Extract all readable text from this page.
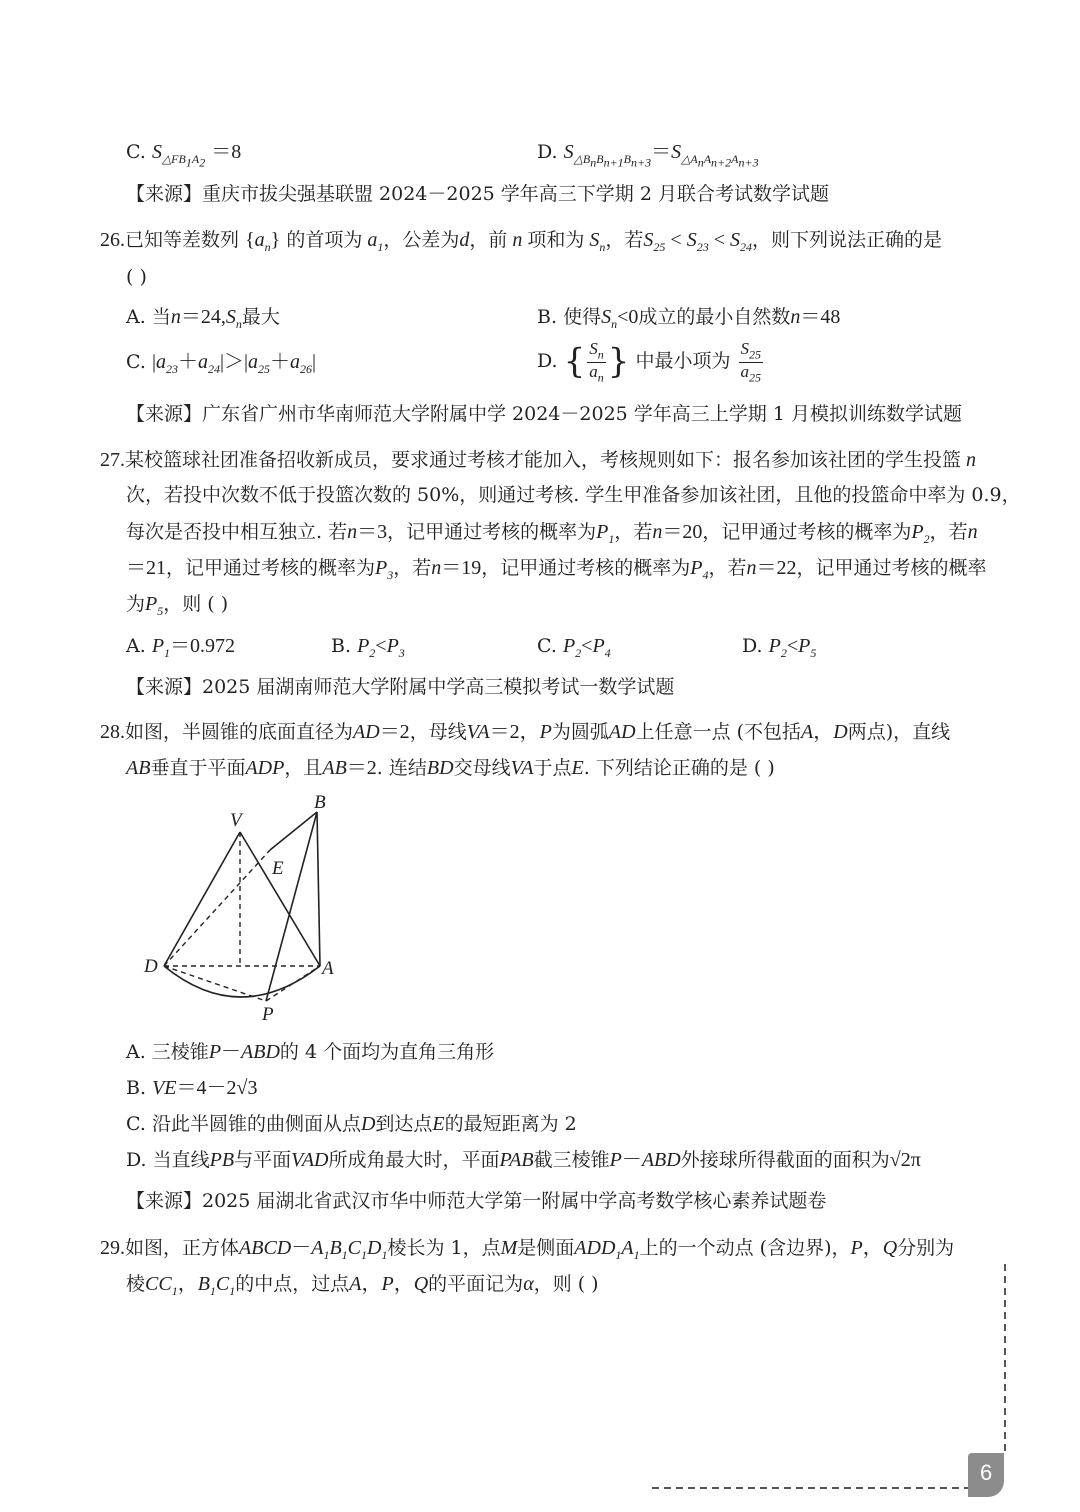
C. $S_{\triangle FB_1A_2} =8$	D. $S_{\triangle B_nB_{n+1}B_{n+3}}=S_{\triangle A_nA_{n+2}A_{n+3}}$
【来源】重庆市拔尖强基联盟 2024－2025 学年高三下学期 2 月联合考试数学试题
26.已知等差数列 $\{a_n\}$ 的首项为 $a_1$，公差为d，前 n 项和为 $S_n$，若$S_{25} < S_{23} < S_{24}$，则下列说法正确的是
( )
A. 当$n=24,S_n$最大	B. 使得$S_n<0$成立的最小自然数n＝48
C. $|a_{23}+a_{24}|>|a_{25}+a_{26}|$	D. { $\frac{S_n}{a_n}$ } 中最小项为 $\frac{S_{25}}{a_{25}}$
【来源】广东省广州市华南师范大学附属中学 2024－2025 学年高三上学期 1 月模拟训练数学试题
27.某校篮球社团准备招收新成员，要求通过考核才能加入，考核规则如下：报名参加该社团的学生投篮 n
次，若投中次数不低于投篮次数的 50%，则通过考核. 学生甲准备参加该社团，且他的投篮命中率为 0.9，
每次是否投中相互独立. 若n＝3，记甲通过考核的概率为$P_1$，若n＝20，记甲通过考核的概率为$P_2$，若n
＝21，记甲通过考核的概率为$P_3$，若n＝19，记甲通过考核的概率为$P_4$，若n＝22，记甲通过考核的概率
为$P_5$，则 ( )
A. $P_1=0.972$	B. $P_2<P_3$	C. $P_2<P_4$	D. $P_2<P_5$
【来源】2025 届湖南师范大学附属中学高三模拟考试一数学试题
28.如图，半圆锥的底面直径为AD＝2，母线VA＝2，P为圆弧AD上任意一点 (不包括A，D两点)，直线
AB垂直于平面ADP，且AB＝2. 连结BD交母线VA于点E. 下列结论正确的是 ( )
V
B
E
D	A
P
A. 三棱锥P－ABD的 4 个面均为直角三角形
B. VE＝4－2√3
C. 沿此半圆锥的曲侧面从点D到达点E的最短距离为 2
D. 当直线PB与平面VAD所成角最大时，平面PAB截三棱锥P－ABD外接球所得截面的面积为√2π
【来源】2025 届湖北省武汉市华中师范大学第一附属中学高考数学核心素养试题卷
29.如图，正方体$ABCD-A_1B_1C_1D_1$棱长为 1，点M是侧面$ADD_1A_1$上的一个动点 (含边界)，P，Q分别为
棱$CC_1$，$B_1C_1$的中点，过点A，P，Q的平面记为α，则 ( )
6
